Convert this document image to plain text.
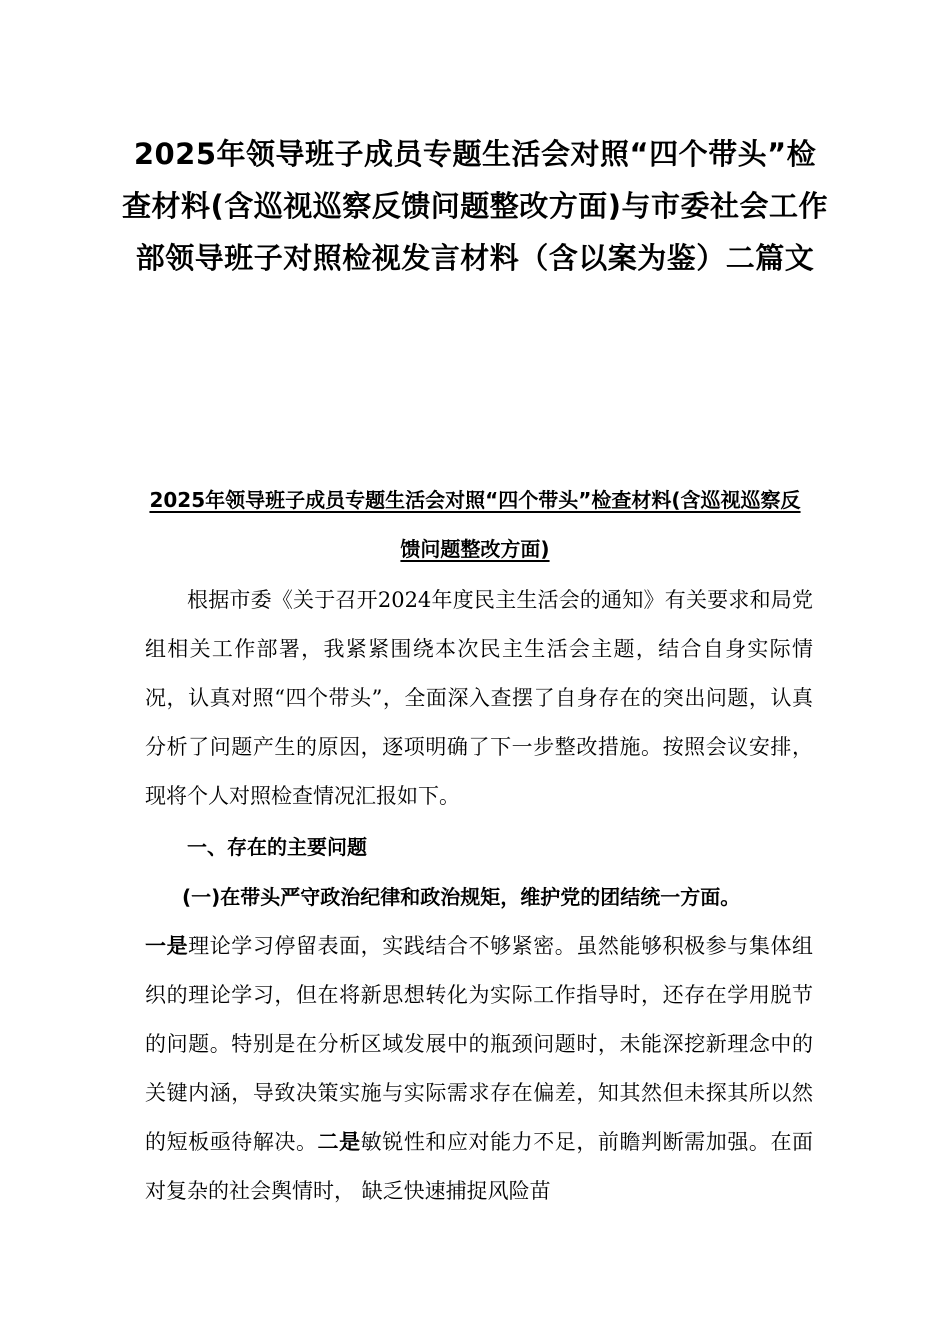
2025年领导班子成员专题生活会对照“四个带头”检查材料(含巡视巡察反馈问题整改方面)与市委社会工作部领导班子对照检视发言材料（含以案为鉴）二篇文
2025年领导班子成员专题生活会对照“四个带头”检查材料(含巡视巡察反馈问题整改方面)

根据市委《关于召开2024年度民主生活会的通知》有关要求和局党组相关工作部署，我紧紧围绕本次民主生活会主题，结合自身实际情况，认真对照“四个带头”，全面深入查摆了自身存在的突出问题，认真分析了问题产生的原因，逐项明确了下一步整改措施。按照会议安排，现将个人对照检查情况汇报如下。

一、存在的主要问题
(一)在带头严守政治纪律和政治规矩，维护党的团结统一方面。

一是理论学习停留表面，实践结合不够紧密。虽然能够积极参与集体组织的理论学习，但在将新思想转化为实际工作指导时，还存在学用脱节的问题。特别是在分析区域发展中的瓶颈问题时，未能深挖新理念中的关键内涵，导致决策实施与实际需求存在偏差，知其然但未探其所以然的短板亟待解决。二是敏锐性和应对能力不足，前瞻判断需加强。在面对复杂的社会舆情时， 缺乏快速捕捉风险苗
